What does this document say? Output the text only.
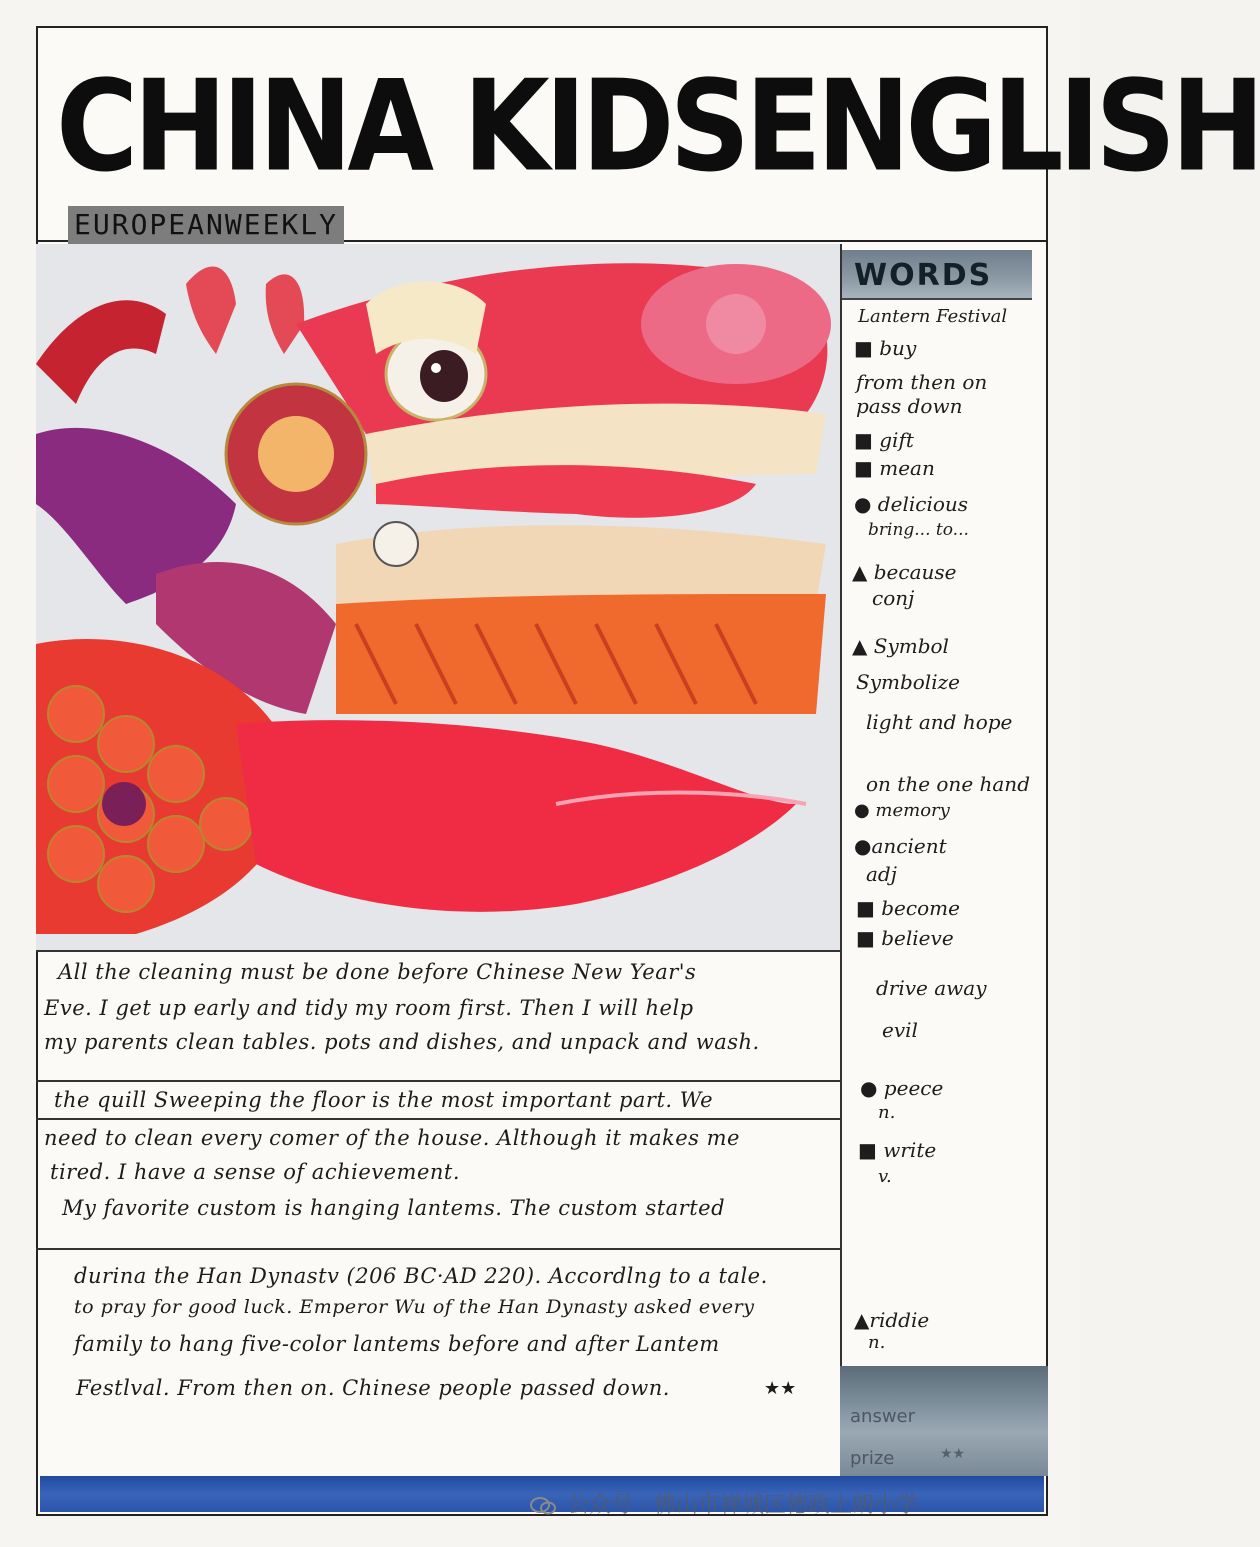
CHINA KIDSENGLISH
EUROPEANWEEKLY
All the cleaning must be done before Chinese New Year's
Eve. I get up early and tidy my room first. Then I will help
my parents clean tables. pots and dishes, and unpack and wash.
the quill Sweeping the floor is the most important part. We
need to clean every comer of the house. Although it makes me
tired. I have a sense of achievement.
My favorite custom is hanging lantems. The custom started
durina the Han Dynastv (206 BC·AD 220). Accordlng to a tale.
to pray for good luck. Emperor Wu of the Han Dynasty asked every
family to hang five-color lantems before and after Lantem
Festlval. From then on. Chinese people passed down.	★★
WORDS
Lantern Festival
■ buy
from then on
pass down
■ gift
■ mean
● delicious
bring... to...
▲ because
conj
▲ Symbol
Symbolize
light and hope
on the one hand
● memory
●ancient
adj
■ become
■ believe
drive away
evil
● peece
n.
■ write
v.
▲riddie
n.
answer
prize	★★
公众号 · 佛山市禅城区德政上朗小学
